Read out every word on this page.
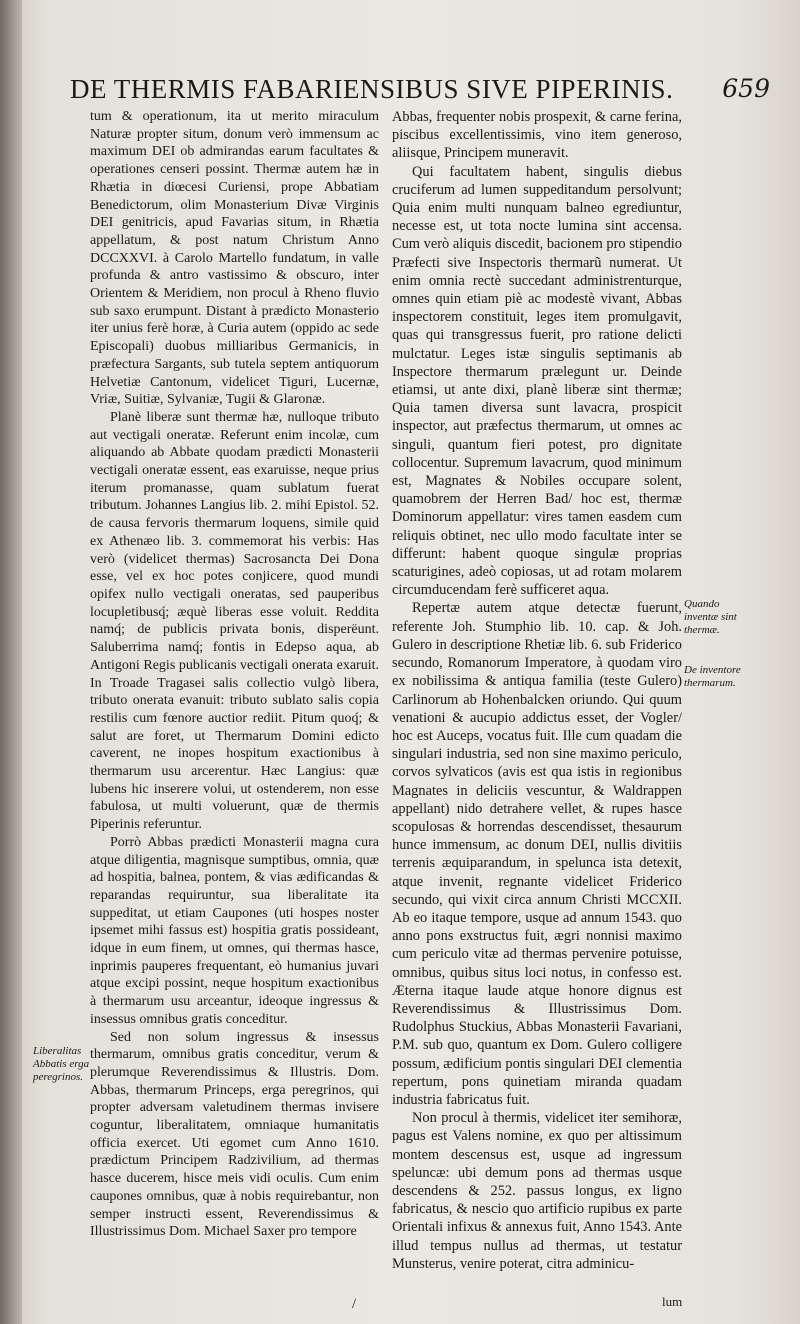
DE THERMIS FABARIENSIBUS SIVE PIPERINIS. 659

tum & operationum, ita ut merito miraculum Naturæ propter situm, donum verò immensum ac maximum DEI ob admirandas earum facultates & operationes censeri possint. Thermæ autem hæ in Rhætia in diœcesi Curiensi, prope Abbatiam Benedictorum, olim Monasterium Divæ Virginis DEI genitricis, apud Favarias situm, in Rhætia appellatum, & post natum Christum Anno DCCXXVI. à Carolo Martello fundatum, in valle profunda & antro vastissimo & obscuro, inter Orientem & Meridiem, non procul à Rheno fluvio sub saxo erumpunt. Distant à prædicto Monasterio iter unius ferè horæ, à Curia autem (oppido ac sede Episcopali) duobus milliaribus Germanicis, in præfectura Sargants, sub tutela septem antiquorum Helvetiæ Cantonum, videlicet Tiguri, Lucernæ, Vriæ, Suitiæ, Sylvaniæ, Tugii & Glaronæ.

Planè liberæ sunt thermæ hæ, nulloque tributo aut vectigali oneratæ. Referunt enim incolæ, cum aliquando ab Abbate quodam prædicti Monasterii vectigali oneratæ essent, eas exaruisse, neque prius iterum promanasse, quam sublatum fuerat tributum. Johannes Langius lib. 2. mihi Epistol. 52. de causa fervoris thermarum loquens, simile quid ex Athenæo lib. 3. commemorat his verbis: Has verò (videlicet thermas) Sacrosancta Dei Dona esse, vel ex hoc potes conjicere, quod mundi opifex nullo vectigali oneratas, sed pauperibus locupletibusq́; æquè liberas esse voluit. Reddita namq́; de publicis privata bonis, disperëunt. Saluberrima namq́; fontis in Edepso aqua, ab Antigoni Regis publicanis vectigali onerata exaruit. In Troade Tragasei salis collectio vulgò libera, tributo onerata evanuit: tributo sublato salis copia restilis cum fœnore auctior rediit. Pitum quoq́; & salut are foret, ut Thermarum Domini edicto caverent, ne inopes hospitum exactionibus à thermarum usu arcerentur. Hæc Langius: quæ lubens hic inserere volui, ut ostenderem, non esse fabulosa, ut multi voluerunt, quæ de thermis Piperinis referuntur.

Porrò Abbas prædicti Monasterii magna cura atque diligentia, magnisque sumptibus, omnia, quæ ad hospitia, balnea, pontem, & vias ædificandas & reparandas requiruntur, sua liberalitate ita suppeditat, ut etiam Caupones (uti hospes noster ipsemet mihi fassus est) hospitia gratis possideant, idque in eum finem, ut omnes, qui thermas hasce, inprimis pauperes frequentant, eò humanius juvari atque excipi possint, neque hospitum exactionibus à thermarum usu arceantur, ideoque ingressus & insessus omnibus gratis conceditur.

Sed non solum ingressus & insessus thermarum, omnibus gratis conceditur, verum & plerumque Reverendissimus & Illustris. Dom. Abbas, thermarum Princeps, erga peregrinos, qui propter adversam valetudinem thermas invisere coguntur, liberalitatem, omniaque humanitatis officia exercet. Uti egomet cum Anno 1610. prædictum Principem Radzivilium, ad thermas hasce ducerem, hisce meis vidi oculis. Cum enim caupones omnibus, quæ à nobis requirebantur, non semper instructi essent, Reverendissimus & Illustrissimus Dom. Michael Saxer pro tempore

Abbas, frequenter nobis prospexit, & carne ferina, piscibus excellentissimis, vino item generoso, aliisque, Principem muneravit.

Qui facultatem habent, singulis diebus cruciferum ad lumen suppeditandum persolvunt; Quia enim multi nunquam balneo egrediuntur, necesse est, ut tota nocte lumina sint accensa. Cum verò aliquis discedit, bacionem pro stipendio Præfecti sive Inspectoris thermarũ numerat. Ut enim omnia rectè succedant administrenturque, omnes quin etiam piè ac modestè vivant, Abbas inspectorem constituit, leges item promulgavit, quas qui transgressus fuerit, pro ratione delicti mulctatur. Leges istæ singulis septimanis ab Inspectore thermarum prælegunt ur. Deinde etiamsi, ut ante dixi, planè liberæ sint thermæ; Quia tamen diversa sunt lavacra, prospicit inspector, aut præfectus thermarum, ut omnes ac singuli, quantum fieri potest, pro dignitate collocentur. Supremum lavacrum, quod minimum est, Magnates & Nobiles occupare solent, quamobrem der Herren Bad/ hoc est, thermæ Dominorum appellatur: vires tamen easdem cum reliquis obtinet, nec ullo modo facultate inter se differunt: habent quoque singulæ proprias scaturigines, adeò copiosas, ut ad rotam molarem circumducendam ferè sufficeret aqua.

Repertæ autem atque detectæ fuerunt, referente Joh. Stumphio lib. 10. cap. & Joh. Gulero in descriptione Rhetiæ lib. 6. sub Friderico secundo, Romanorum Imperatore, à quodam viro ex nobilissima & antiqua familia (teste Gulero) Carlinorum ab Hohenbalcken oriundo. Qui quum venationi & aucupio addictus esset, der Vogler/ hoc est Auceps, vocatus fuit. Ille cum quadam die singulari industria, sed non sine maximo periculo, corvos sylvaticos (avis est qua istis in regionibus Magnates in deliciis vescuntur, & Waldrappen appellant) nido detrahere vellet, & rupes hasce scopulosas & horrendas descendisset, thesaurum hunce immensum, ac donum DEI, nullis divitiis terrenis æquiparandum, in spelunca ista detexit, atque invenit, regnante videlicet Friderico secundo, qui vixit circa annum Christi MCCXII. Ab eo itaque tempore, usque ad annum 1543. quo anno pons exstructus fuit, ægri nonnisi maximo cum periculo vitæ ad thermas pervenire potuisse, omnibus, quibus situs loci notus, in confesso est. Æterna itaque laude atque honore dignus est Reverendissimus & Illustrissimus Dom. Rudolphus Stuckius, Abbas Monasterii Favariani, P.M. sub quo, quantum ex Dom. Gulero colligere possum, ædificium pontis singulari DEI clementia repertum, pons quinetiam miranda quadam industria fabricatus fuit.

Non procul à thermis, videlicet iter semihoræ, pagus est Valens nomine, ex quo per altissimum montem descensus est, usque ad ingressum speluncæ: ubi demum pons ad thermas usque descendens & 252. passus longus, ex ligno fabricatus, & nescio quo artificio rupibus ex parte Orientali infixus & annexus fuit, Anno 1543. Ante illud tempus nullus ad thermas, ut testatur Munsterus, venire poterat, citra adminicu-

Liberalitas Abbatis erga peregrinos.
Quando inventæ sint thermæ.
De inventore thermarum.
/	lum
